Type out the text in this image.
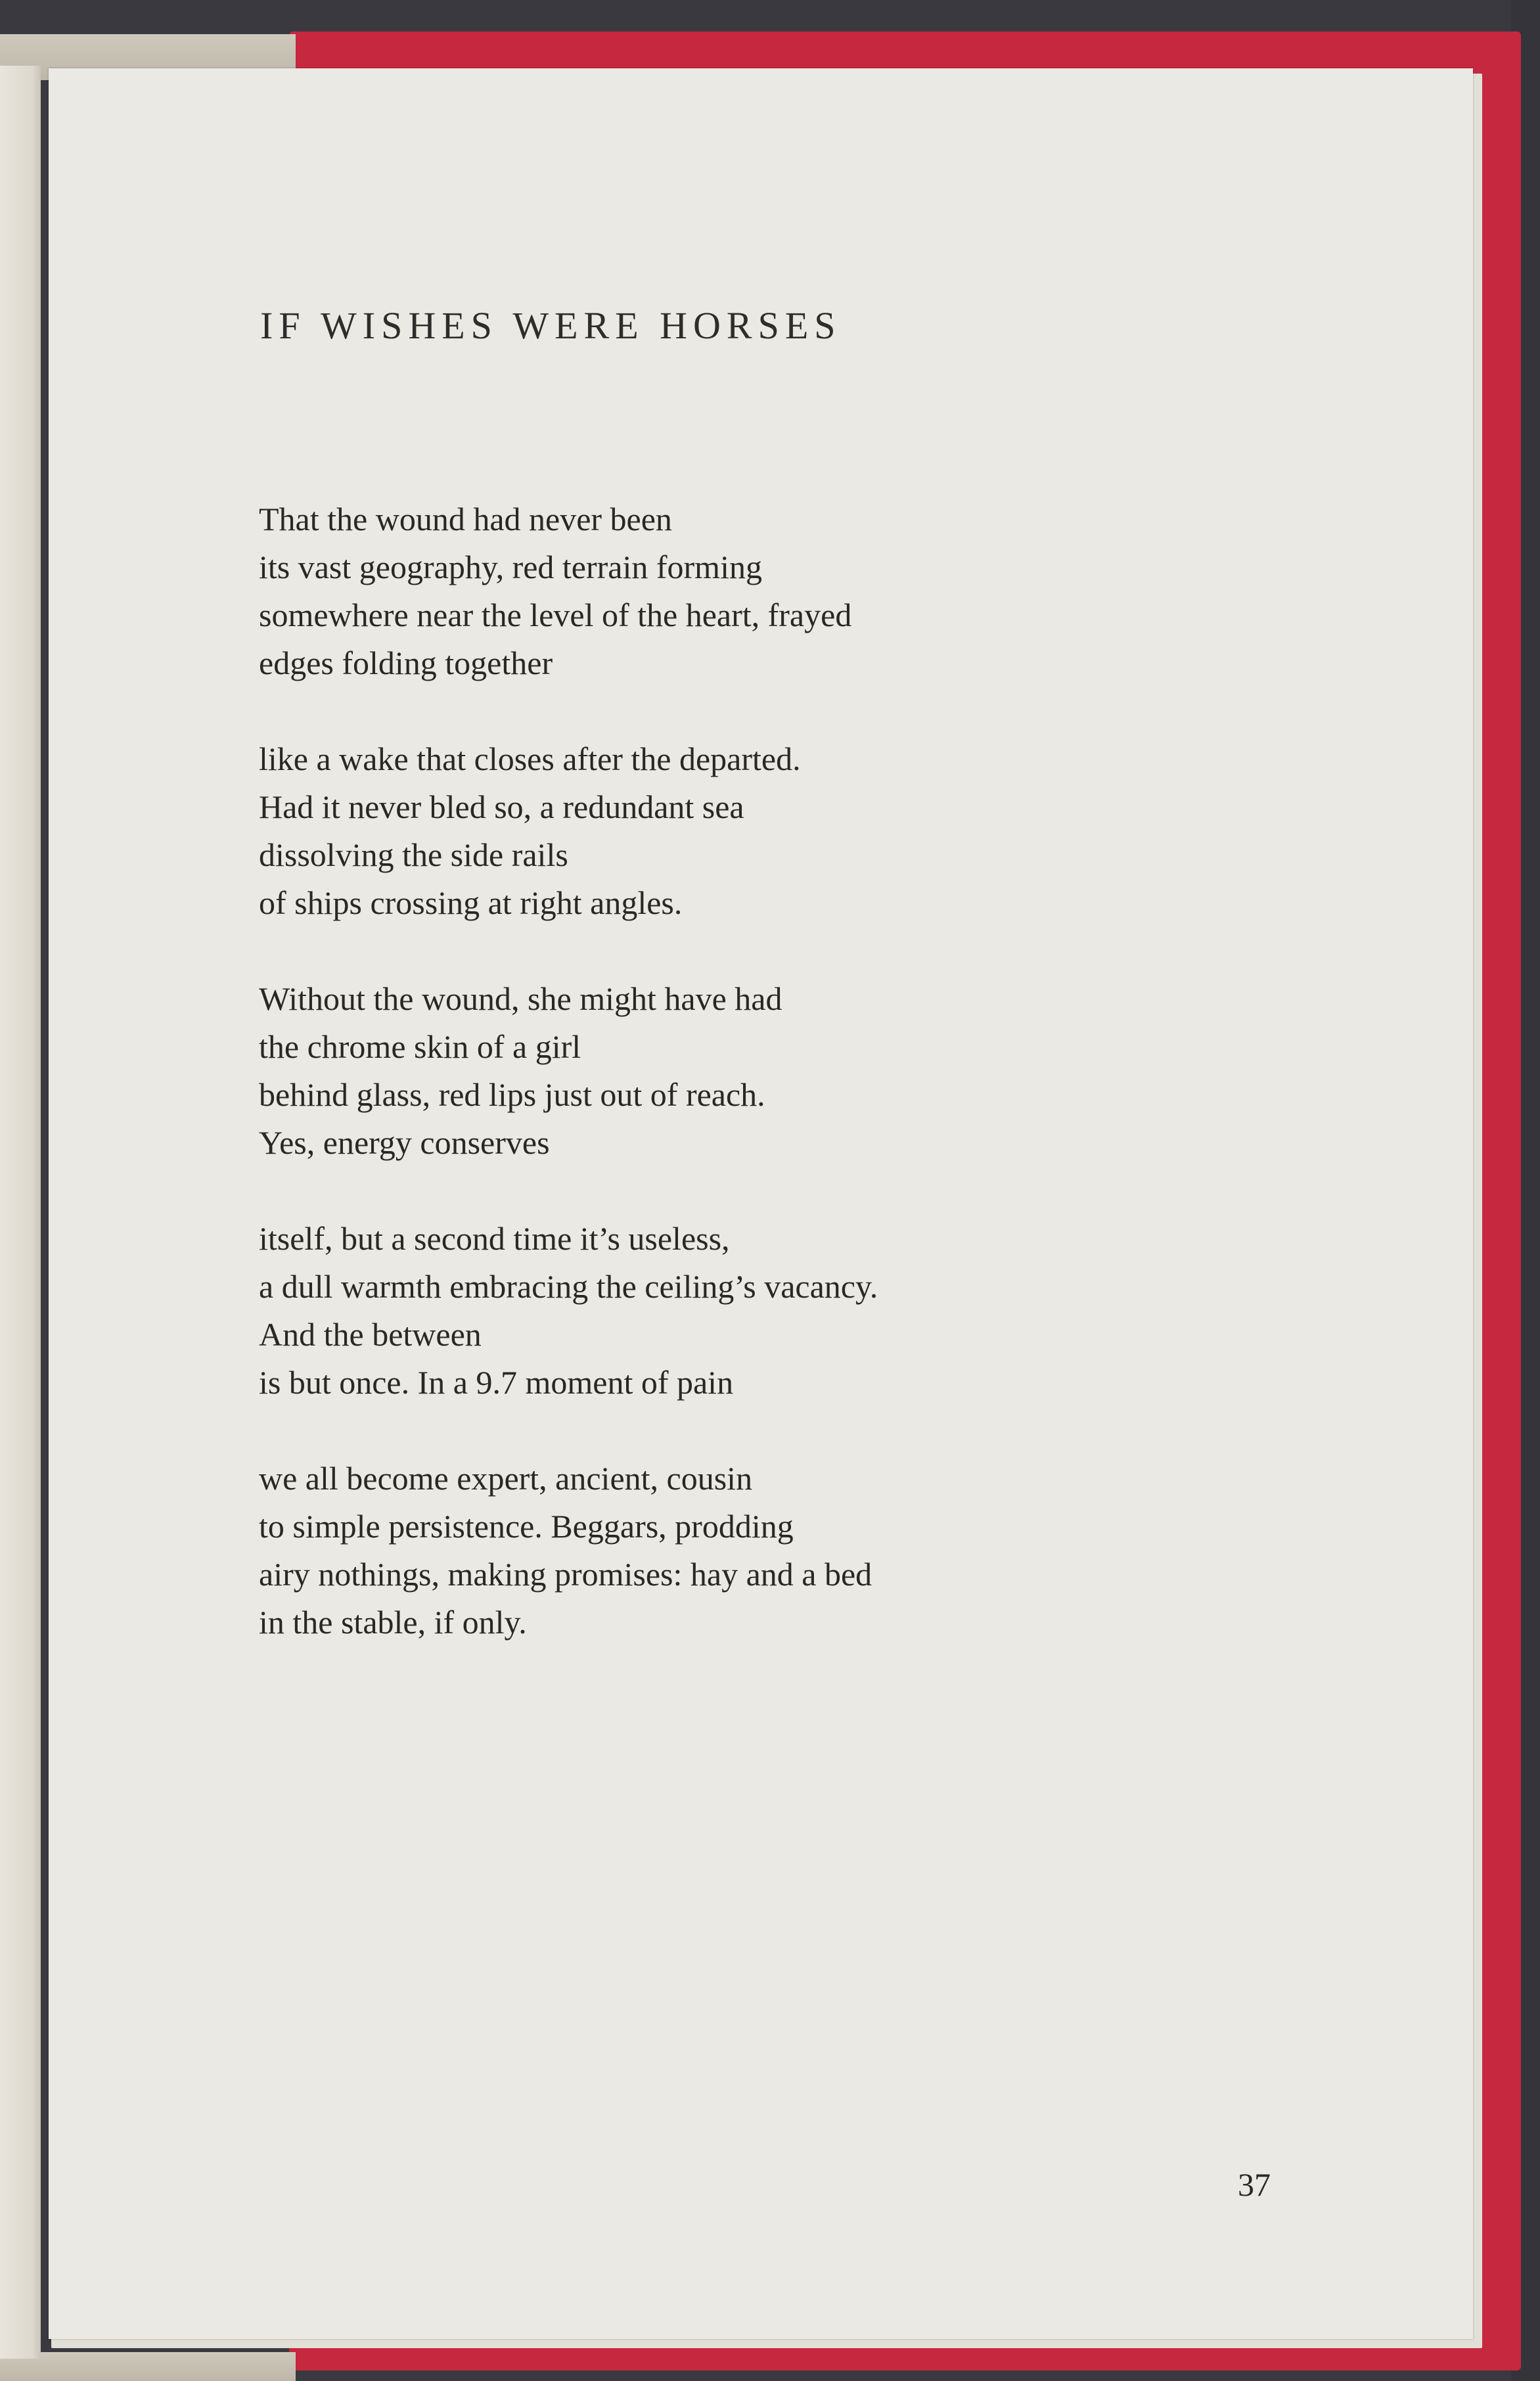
IF WISHES WERE HORSES

That the wound had never been
its vast geography, red terrain forming
somewhere near the level of the heart, frayed
edges folding together

like a wake that closes after the departed.
Had it never bled so, a redundant sea
dissolving the side rails
of ships crossing at right angles.

Without the wound, she might have had
the chrome skin of a girl
behind glass, red lips just out of reach.
Yes, energy conserves

itself, but a second time it’s useless,
a dull warmth embracing the ceiling’s vacancy.
And the between
is but once. In a 9.7 moment of pain

we all become expert, ancient, cousin
to simple persistence. Beggars, prodding
airy nothings, making promises: hay and a bed
in the stable, if only.

37
